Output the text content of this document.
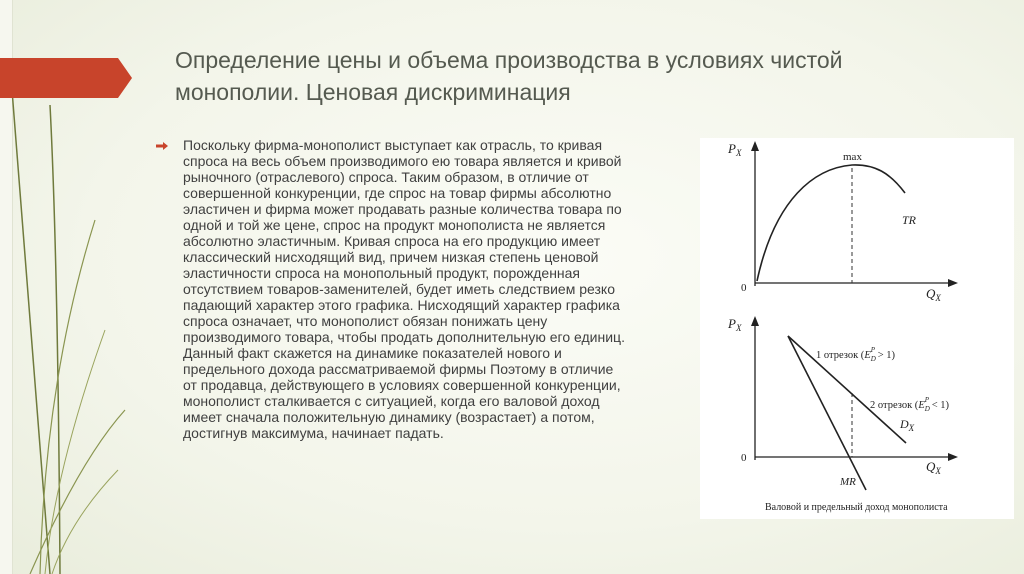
Определение цены и объема производства в условиях чистой монополии. Ценовая дискриминация
Поскольку фирма-монополист выступает как отрасль, то кривая спроса на весь объем производимого ею товара является и кривой рыночного (отраслевого) спроса. Таким образом, в отличие от совершенной конкуренции, где спрос на товар фирмы абсолютно эластичен и фирма может продавать разные количества товара по одной и той же цене, спрос на продукт монополиста не является абсолютно эластичным. Кривая спроса на его продукцию имеет классический нисходящий вид, причем низкая степень ценовой эластичности спроса на монопольный продукт, порожденная отсутствием товаров-заменителей, будет иметь следствием резко падающий характер этого графика. Нисходящий характер графика спроса означает, что монополист обязан понижать цену производимого товара, чтобы продать дополнительную его единиц. Данный факт скажется на динамике показателей нового и предельного дохода рассматриваемой фирмы Поэтому в отличие от продавца, действующего в условиях совершенной конкуренции, монополист сталкивается с ситуацией, когда его валовой доход имеет сначала положительную динамику (возрастает) а потом, достигнув максимума, начинает падать.
$P_X$	max
TR
0	$Q_X$
$P_X$
1 отрезок $(E_DP > 1)$
2 отрезок $(E_DP < 1)$
$D_X$
0
$Q_X$
MR
Валовой и предельный доход монополиста
